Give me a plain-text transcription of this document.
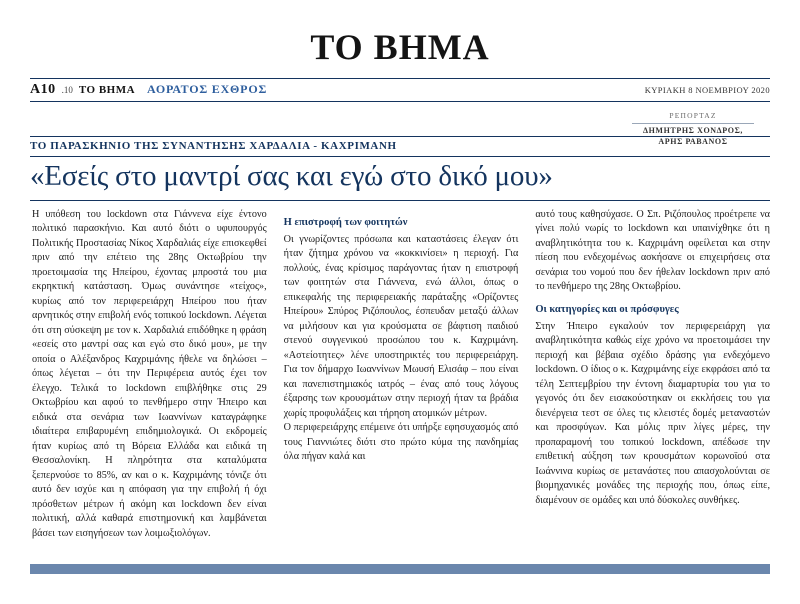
ΤΟ ΒΗΜΑ
A10 .10 ΤΟ ΒΗΜΑ ΑΟΡΑΤΟΣ ΕΧΘΡΟΣ	ΚΥΡΙΑΚΗ 8 ΝΟΕΜΒΡΙΟΥ 2020
ΡΕΠΟΡΤΑΖ
ΔΗΜΗΤΡΗΣ ΧΟΝΔΡΟΣ,
ΑΡΗΣ ΡΑΒΑΝΟΣ
ΤΟ ΠΑΡΑΣΚΗΝΙΟ ΤΗΣ ΣΥΝΑΝΤΗΣΗΣ ΧΑΡΔΑΛΙΑ - ΚΑΧΡΙΜΑΝΗ
«Εσείς στο μαντρί σας και εγώ στο δικό μου»

Η υπόθεση του lockdown στα Γιάννενα είχε έντονο πολιτικό παρασκήνιο. Και αυτό διότι ο υφυπουργός Πολιτικής Προστασίας Νίκος Χαρδαλιάς είχε επισκεφθεί πριν από την επέτειο της 28ης Οκτωβρίου την προετοιμασία της Ηπείρου, έχοντας μπροστά του μια εκρηκτική κατάσταση. Όμως συνάντησε «τείχος», κυρίως από τον περιφερειάρχη Ηπείρου που ήταν αρνητικός στην επιβολή ενός τοπικού lockdown. Λέγεται ότι στη σύσκεψη με τον κ. Χαρδαλιά επιδόθηκε η φράση «εσείς στο μαντρί σας και εγώ στο δικό μου», με την οποία ο Αλέξανδρος Καχριμάνης ήθελε να δηλώσει – όπως λέγεται – ότι την Περιφέρεια αυτός έχει τον έλεγχο. Τελικά το lockdown επιβλήθηκε στις 29 Οκτωβρίου και αφού το πενθήμερο στην Ήπειρο και ειδικά στα σενάρια των Ιωαννίνων καταγράφηκε ιδιαίτερα επιβαρυμένη επιδημιολογικά. Οι εκδρομείς ήταν κυρίως από τη Βόρεια Ελλάδα και ειδικά τη Θεσσαλονίκη. Η πληρότητα στα καταλύματα ξεπερνούσε το 85%, αν και ο κ. Καχριμάνης τόνιζε ότι αυτό δεν ισχύε και η απόφαση για την επιβολή ή όχι πρόσθετων μέτρων ή ακόμη και lockdown δεν είναι πολιτική, αλλά καθαρά επιστημονική και λαμβάνεται βάσει των εισηγήσεων των λοιμωξιολόγων.

Η επιστροφή των φοιτητών

Οι γνωρίζοντες πρόσωπα και καταστάσεις έλεγαν ότι ήταν ζήτημα χρόνου να «κοκκινίσει» η περιοχή. Για πολλούς, ένας κρίσιμος παράγοντας ήταν η επιστροφή των φοιτητών στα Γιάννενα, ενώ άλλοι, όπως ο επικεφαλής της περιφερειακής παράταξης «Ορίζοντες Ηπείρου» Σπύρος Ριζόπουλος, έσπευδαν μεταξύ άλλων να μιλήσουν και για κρούσματα σε βάφτιση παιδιού στενού συγγενικού προσώπου του κ. Καχριμάνη. «Αστείοτητες» λένε υποστηρικτές του περιφερειάρχη. Για τον δήμαρχο Ιωαννίνων Μωυσή Ελισάφ – που είναι και πανεπιστημιακός ιατρός – ένας από τους λόγους έξαρσης των κρουσμάτων στην περιοχή ήταν τα βράδια χωρίς προφυλάξεις και τήρηση ατομικών μέτρων.

Ο περιφερειάρχης επέμεινε ότι υπήρξε εφησυχασμός από τους Γιαννιώτες διότι στο πρώτο κύμα της πανδημίας όλα πήγαν καλά και

αυτό τους καθησύχασε. Ο Σπ. Ριζόπουλος προέτρεπε να γίνει πολύ νωρίς το lockdown και υπαινίχθηκε ότι η αναβλητικότητα του κ. Καχριμάνη οφείλεται και στην πίεση που ενδεχομένως ασκήσανε οι επιχειρήσεις στα σενάρια του νομού που δεν ήθελαν lockdown πριν από το πενθήμερο της 28ης Οκτωβρίου.

Οι κατηγορίες και οι πρόσφυγες

Στην Ήπειρο εγκαλούν τον περιφερειάρχη για αναβλητικότητα καθώς είχε χρόνο να προετοιμάσει την περιοχή και βέβαια σχέδιο δράσης για ενδεχόμενο lockdown. Ο ίδιος ο κ. Καχριμάνης είχε εκφράσει από τα τέλη Σεπτεμβρίου την έντονη διαμαρτυρία του για το γεγονός ότι δεν εισακούστηκαν οι εκκλήσεις του για διενέργεια τεστ σε όλες τις κλειστές δομές μεταναστών και προσφύγων. Και μόλις πριν λίγες μέρες, την προπαραμονή του τοπικού lockdown, απέδωσε την επιθετική αύξηση των κρουσμάτων κορωνοϊού στα Ιωάννινα κυρίως σε μετανάστες που απασχολούνται σε βιομηχανικές μονάδες της περιοχής που, όπως είπε, διαμένουν σε ομάδες και υπό δύσκολες συνθήκες.
